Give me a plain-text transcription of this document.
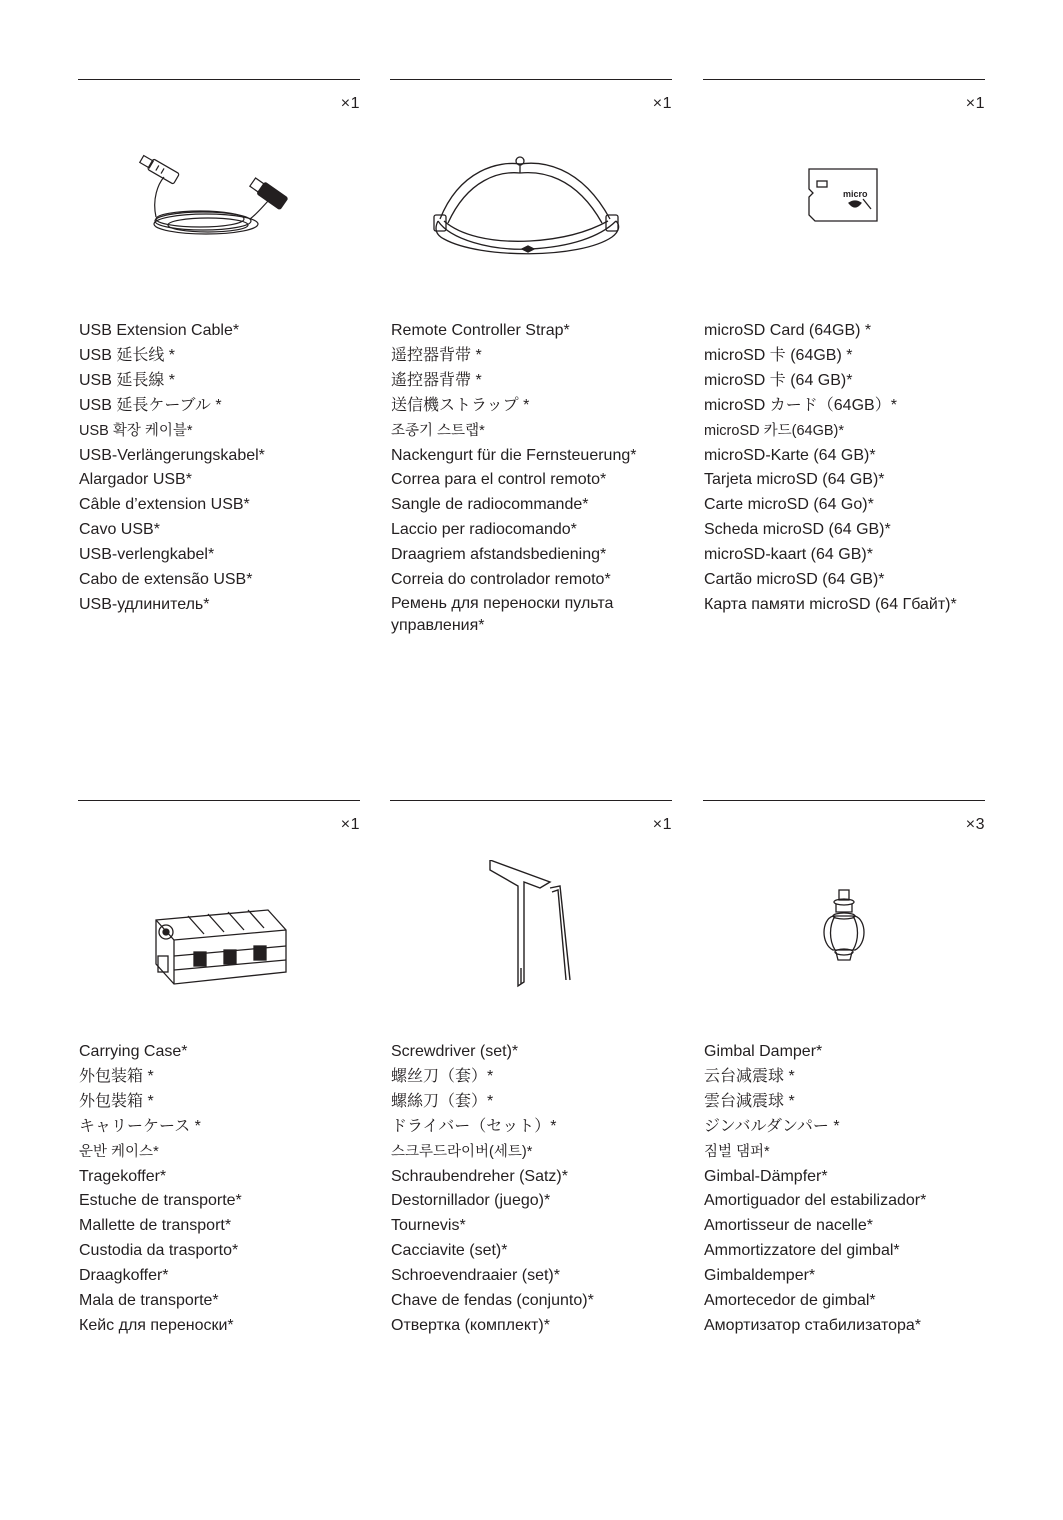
×1
USB Extension Cable*
USB 延长线 *
USB 延長線 *
USB 延長ケーブル *
USB 확장 케이블*
USB-Verlängerungskabel*
Alargador USB*
Câble d’extension USB*
Cavo USB*
USB-verlengkabel*
Cabo de extensão USB*
USB-удлинитель*
×1
Remote Controller Strap*
遥控器背带 *
遙控器背帶 *
送信機ストラップ *
조종기 스트랩*
Nackengurt für die Fernsteuerung*
Correa para el control remoto*
Sangle de radiocommande*
Laccio per radiocomando*
Draagriem afstandsbediening*
Correia do controlador remoto*
Ремень для переноски пульта управления*
×1
micro
microSD Card (64GB) *
microSD 卡 (64GB) *
microSD 卡 (64 GB)*
microSD カード（64GB）*
microSD 카드(64GB)*
microSD-Karte (64 GB)*
Tarjeta microSD (64 GB)*
Carte microSD (64 Go)*
Scheda microSD (64 GB)*
microSD-kaart (64 GB)*
Cartão microSD (64 GB)*
Карта памяти microSD (64 Гбайт)*
×1
Carrying Case*
外包装箱 *
外包裝箱 *
キャリーケース *
운반 케이스*
Tragekoffer*
Estuche de transporte*
Mallette de transport*
Custodia da trasporto*
Draagkoffer*
Mala de transporte*
Кейс для переноски*
×1
Screwdriver (set)*
螺丝刀（套）*
螺絲刀（套）*
ドライバー（セット）*
스크루드라이버(세트)*
Schraubendreher (Satz)*
Destornillador (juego)*
Tournevis*
Cacciavite (set)*
Schroevendraaier (set)*
Chave de fendas (conjunto)*
Отвертка (комплект)*
×3
Gimbal Damper*
云台减震球 *
雲台減震球 *
ジンバルダンパー *
짐벌 댐퍼*
Gimbal-Dämpfer*
Amortiguador del estabilizador*
Amortisseur de nacelle*
Ammortizzatore del gimbal*
Gimbaldemper*
Amortecedor de gimbal*
Амортизатор стабилизатора*
